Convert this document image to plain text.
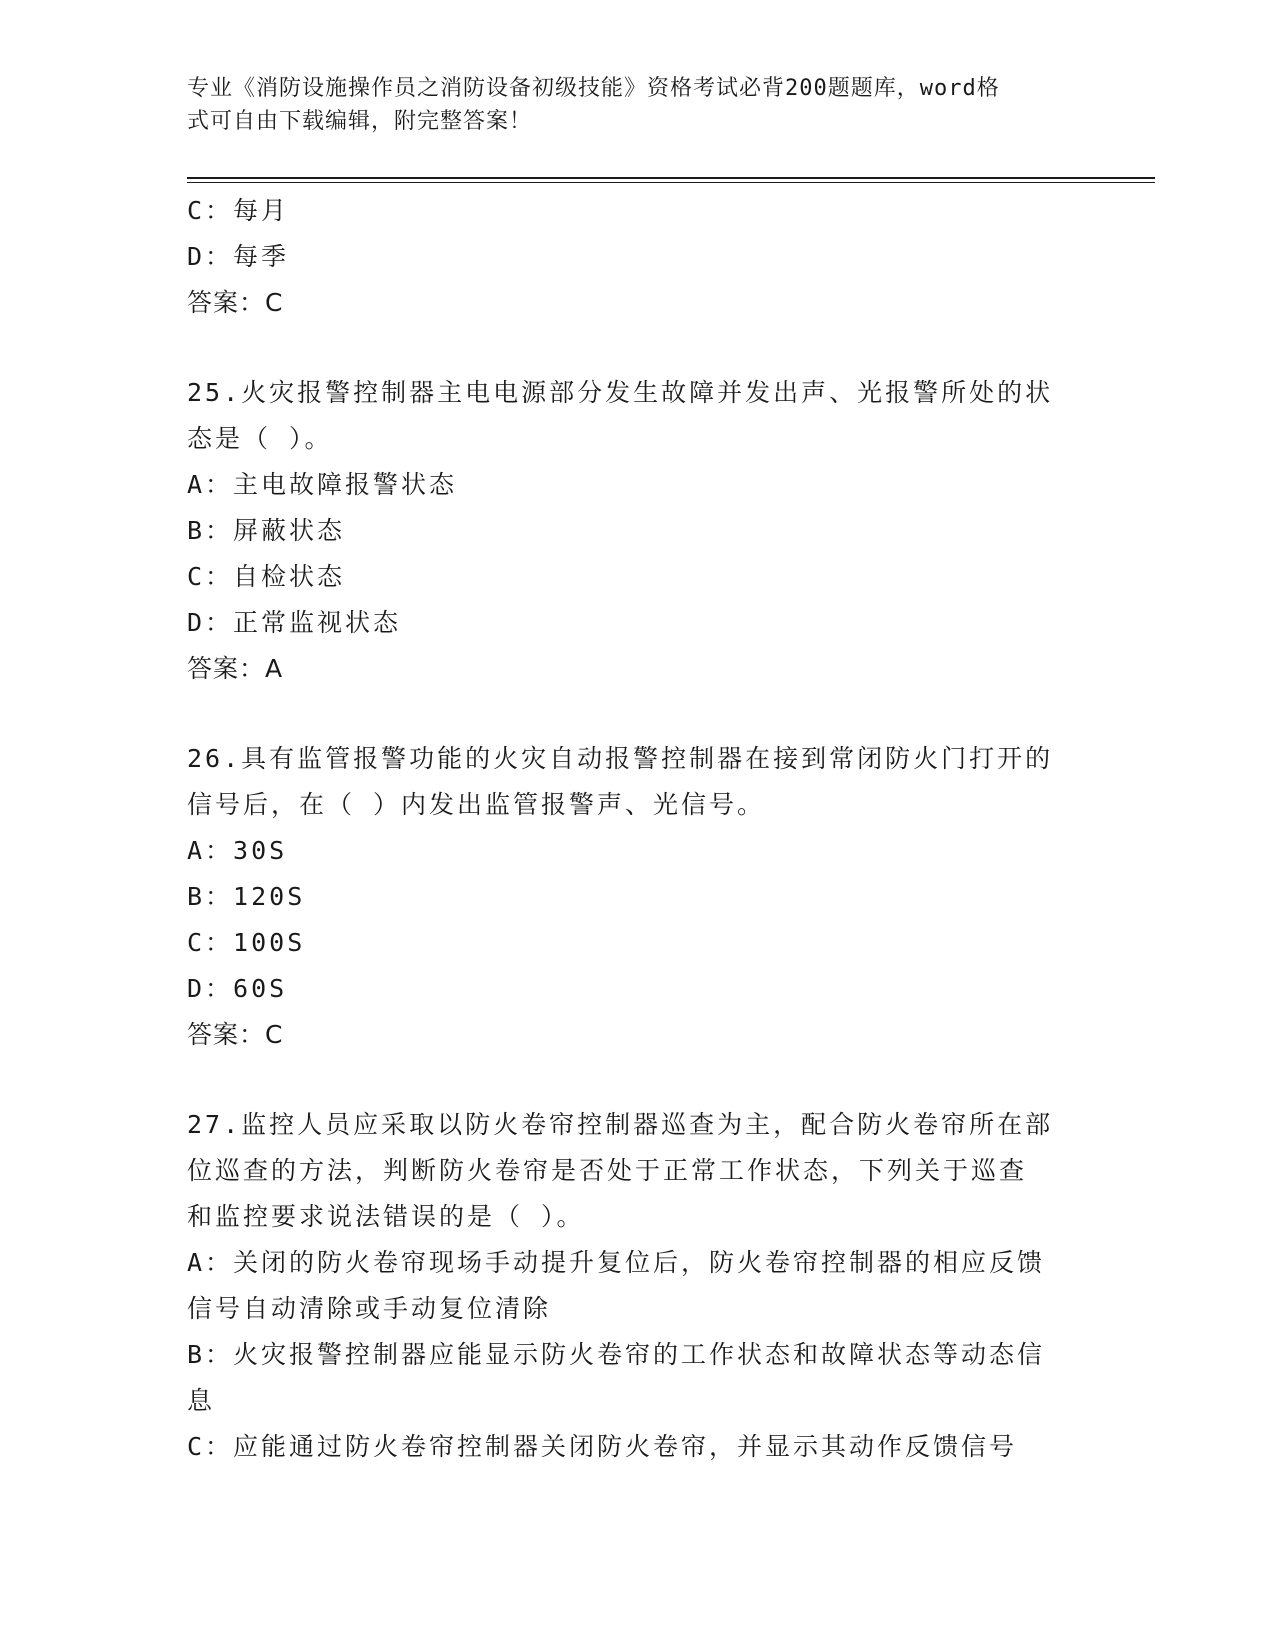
专业《消防设施操作员之消防设备初级技能》资格考试必背200题题库，word格
式可自由下载编辑，附完整答案！
C：每月
D：每季
答案：C
25.火灾报警控制器主电电源部分发生故障并发出声、光报警所处的状
态是（ ）。
A：主电故障报警状态
B：屏蔽状态
C：自检状态
D：正常监视状态
答案：A
26.具有监管报警功能的火灾自动报警控制器在接到常闭防火门打开的
信号后，在（ ）内发出监管报警声、光信号。
A：30S
B：120S
C：100S
D：60S
答案：C
27.监控人员应采取以防火卷帘控制器巡查为主，配合防火卷帘所在部
位巡查的方法，判断防火卷帘是否处于正常工作状态，下列关于巡查
和监控要求说法错误的是（ ）。
A：关闭的防火卷帘现场手动提升复位后，防火卷帘控制器的相应反馈
信号自动清除或手动复位清除
B：火灾报警控制器应能显示防火卷帘的工作状态和故障状态等动态信
息
C：应能通过防火卷帘控制器关闭防火卷帘，并显示其动作反馈信号
